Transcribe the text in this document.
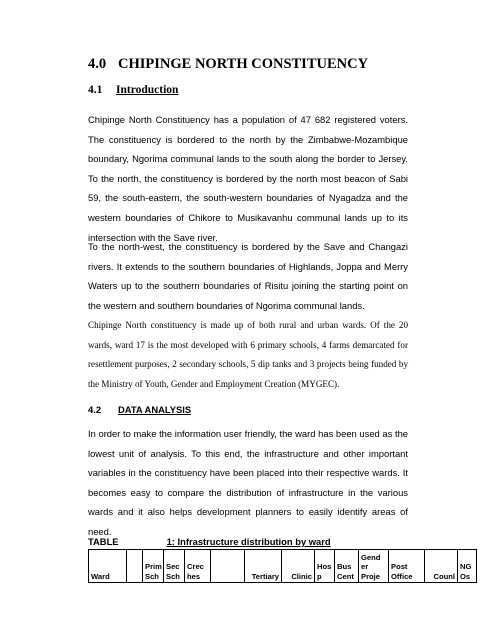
4.0 CHIPINGE NORTH CONSTITUENCY
4.1 Introduction

Chipinge North Constituency has a population of 47 682 registered voters. The constituency is bordered to the north by the Zimbabwe-Mozambique boundary, Ngorima communal lands to the south along the border to Jersey. To the north, the constituency is bordered by the north most beacon of Sabi 59, the south-eastern, the south-western boundaries of Nyagadza and the western boundaries of Chikore to Musikavanhu communal lands up to its intersection with the Save river.

To the north-west, the constituency is bordered by the Save and Changazi rivers. It extends to the southern boundaries of Highlands, Joppa and Merry Waters up to the southern boundaries of Risitu joining the starting point on the western and southern boundaries of Ngorima communal lands.

Chipinge North constituency is made up of both rural and urban wards. Of the 20 wards, ward 17 is the most developed with 6 primary schools, 4 farms demarcated for resettlement purposes, 2 secondary schools, 5 dip tanks and 3 projects being funded by the Ministry of Youth, Gender and Employment Creation (MYGEC).

4.2 DATA ANALYSIS

In order to make the information user friendly, the ward has been used as the lowest unit of analysis. To this end, the infrastructure and other important variables in the constituency have been placed into their respective wards. It becomes easy to compare the distribution of infrastructure in the various wards and it also helps development planners to easily identify areas of need.

TABLE	1: Infrastructure distribution by ward
Ward		Prim Sch	Sec Sch	Crec hes		Tertiary	Clinic	Hos p	Bus Cent	Gend er Proje	Post Office	Counl	NG Os
